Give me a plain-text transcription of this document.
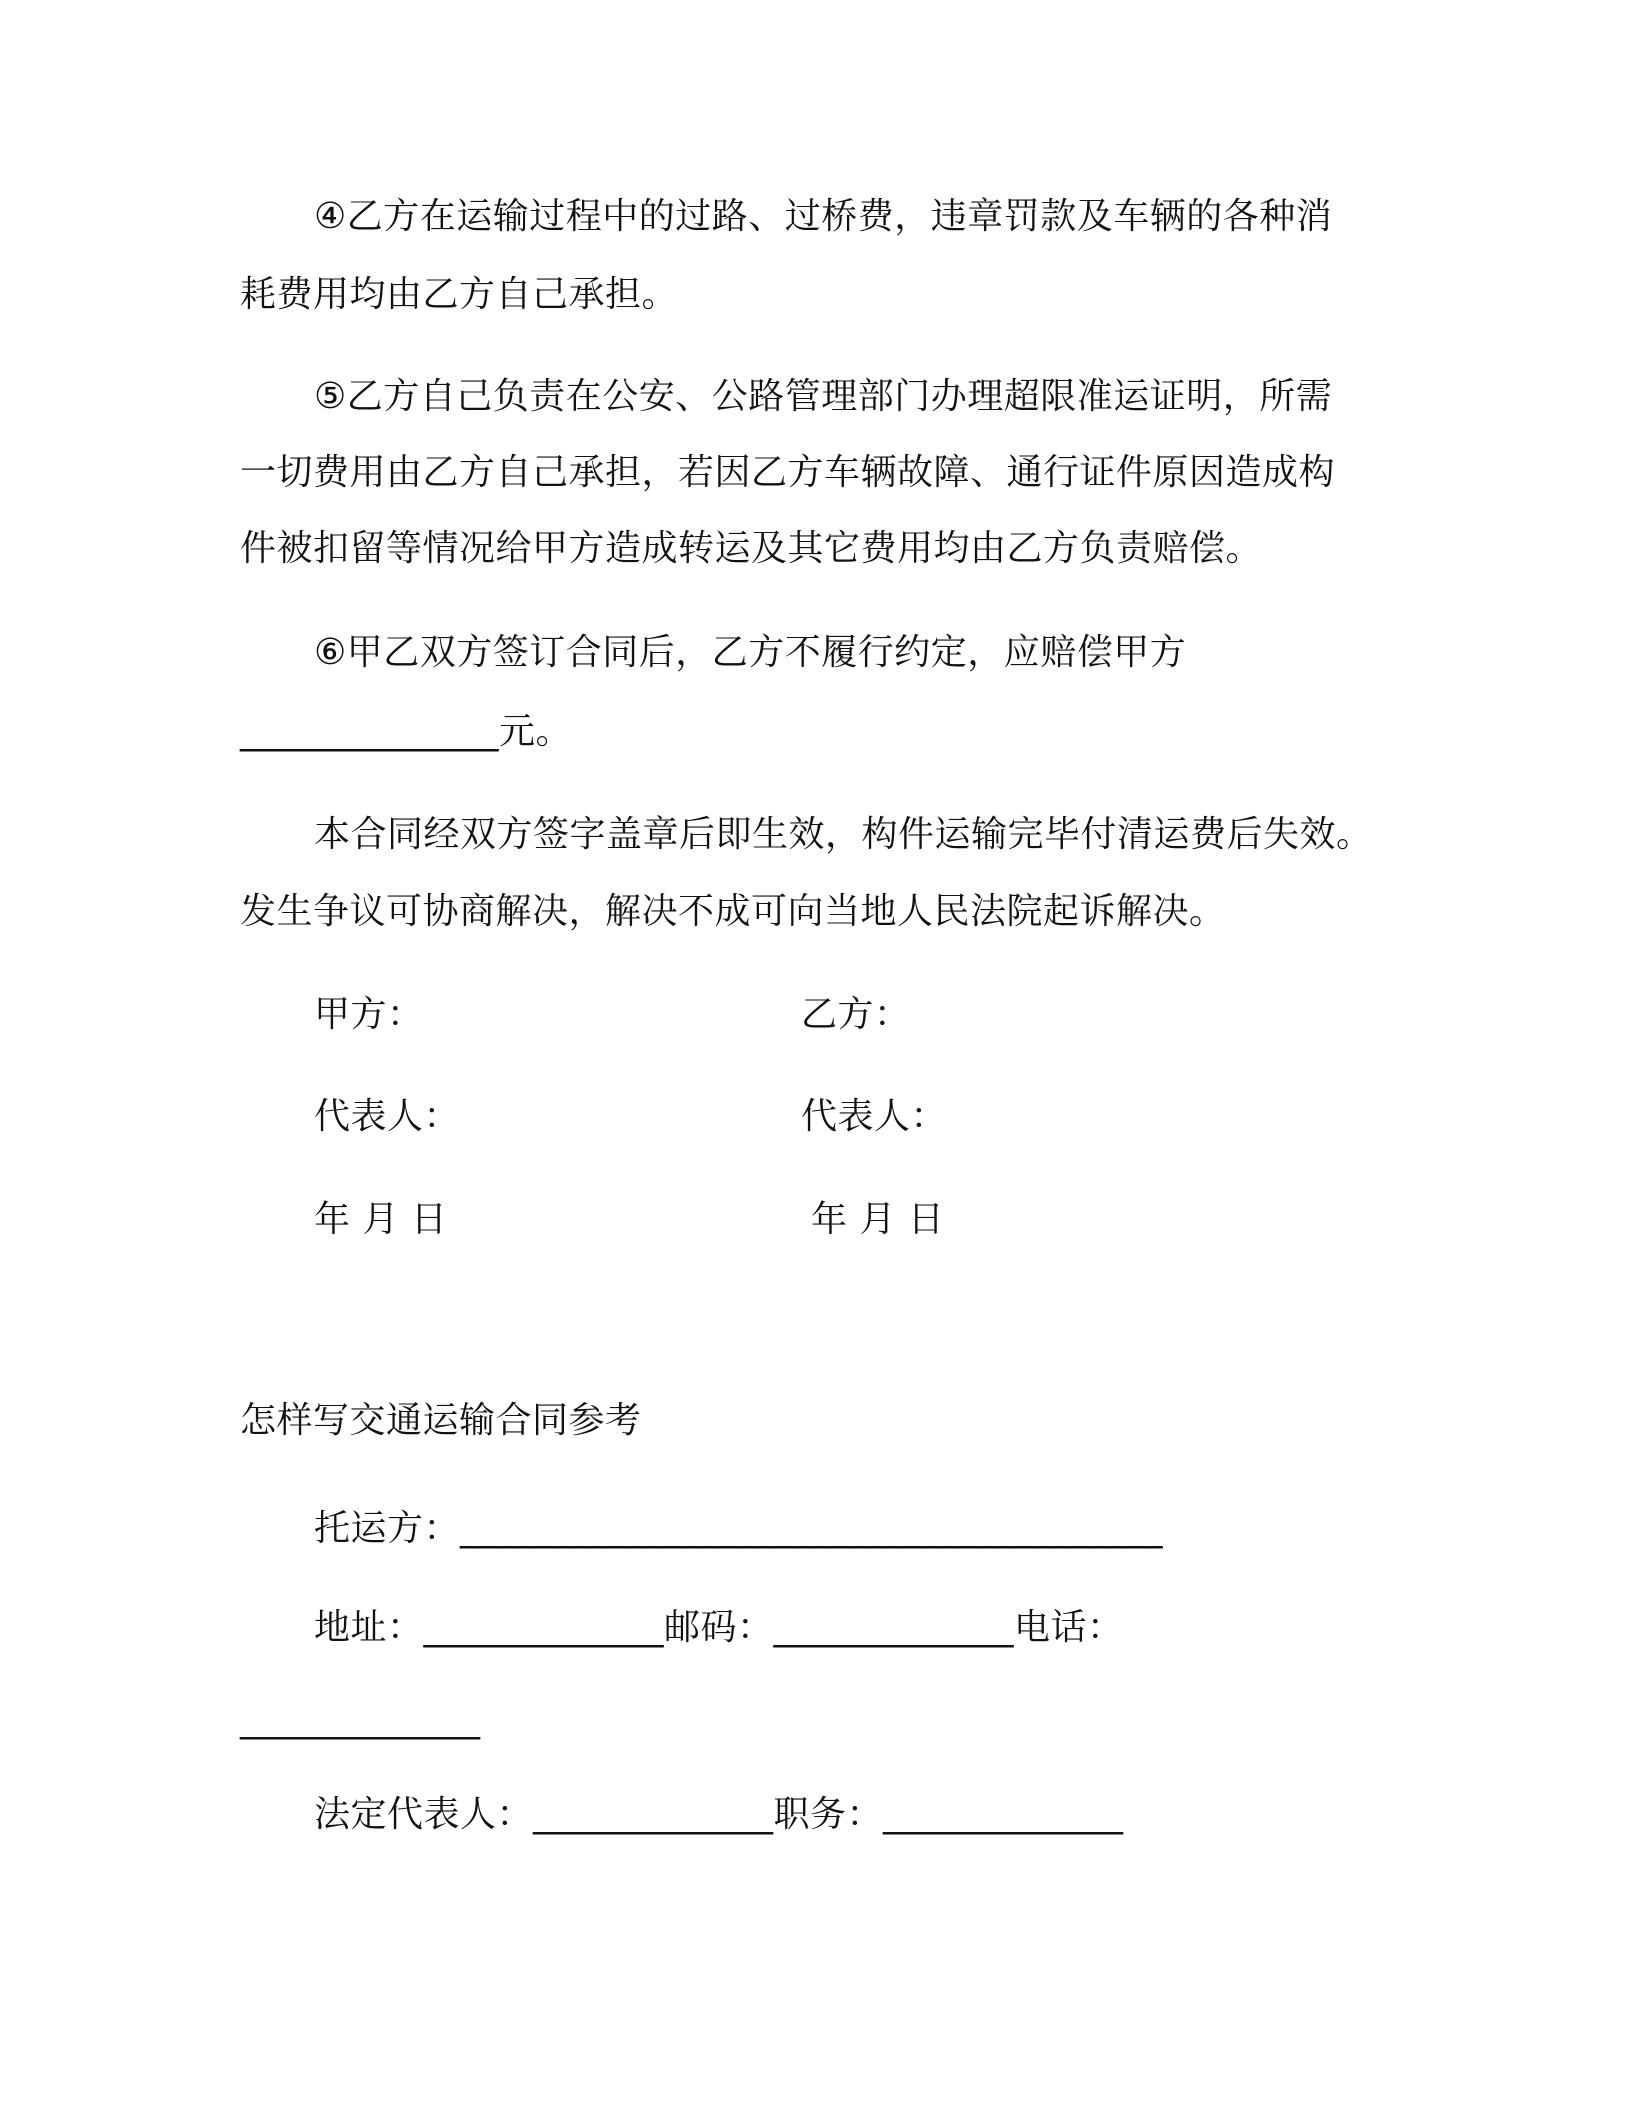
④乙方在运输过程中的过路、过桥费，违章罚款及车辆的各种消
耗费用均由乙方自己承担。
⑤乙方自己负责在公安、公路管理部门办理超限准运证明，所需
一切费用由乙方自己承担，若因乙方车辆故障、通行证件原因造成构
件被扣留等情况给甲方造成转运及其它费用均由乙方负责赔偿。
⑥甲乙双方签订合同后，乙方不履行约定，应赔偿甲方
______________元。
本合同经双方签字盖章后即生效，构件运输完毕付清运费后失效。
发生争议可协商解决，解决不成可向当地人民法院起诉解决。
甲方：	乙方：
代表人：	代表人：
年 月 日	年 月 日
怎样写交通运输合同参考
托运方：______________________________________
地址：_____________邮码：_____________电话：
_____________
法定代表人：_____________职务：_____________
